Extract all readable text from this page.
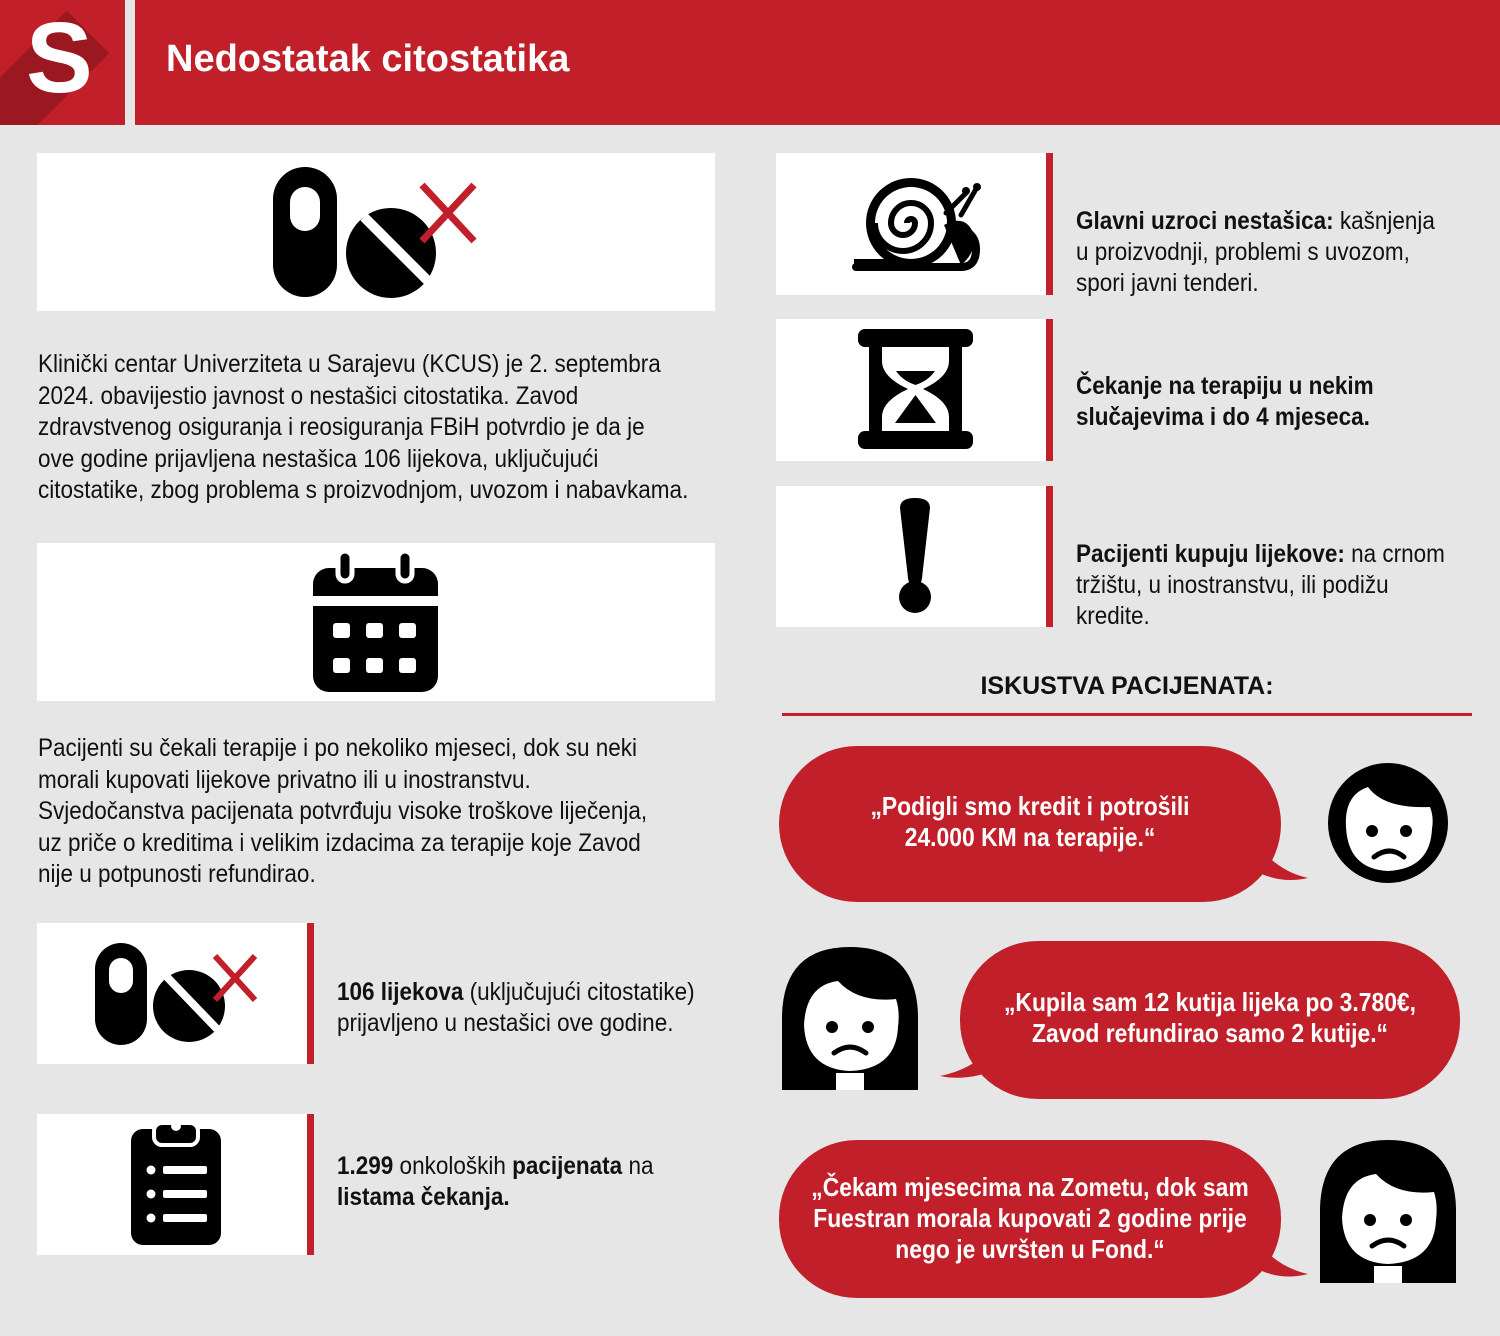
S Nedostatak citostatika
Klinički centar Univerziteta u Sarajevu (KCUS) je 2. septembra
2024. obavijestio javnost o nestašici citostatika. Zavod
zdravstvenog osiguranja i reosiguranja FBiH potvrdio je da je
ove godine prijavljena nestašica 106 lijekova, uključujući
citostatike, zbog problema s proizvodnjom, uvozom i nabavkama.
Pacijenti su čekali terapije i po nekoliko mjeseci, dok su neki
morali kupovati lijekove privatno ili u inostranstvu.
Svjedočanstva pacijenata potvrđuju visoke troškove liječenja,
uz priče o kreditima i velikim izdacima za terapije koje Zavod
nije u potpunosti refundirao.
106 lijekova (uključujući citostatike)
prijavljeno u nestašici ove godine.
1.299 onkoloških pacijenata na
listama čekanja.
Glavni uzroci nestašica: kašnjenja
u proizvodnji, problemi s uvozom,
spori javni tenderi.
Čekanje na terapiju u nekim
slučajevima i do 4 mjeseca.
Pacijenti kupuju lijekove: na crnom
tržištu, u inostranstvu, ili podižu
kredite.
ISKUSTVA PACIJENATA:
„Podigli smo kredit i potrošili
24.000 KM na terapije.“
„Kupila sam 12 kutija lijeka po 3.780€,
Zavod refundirao samo 2 kutije.“
„Čekam mjesecima na Zometu, dok sam
Fuestran morala kupovati 2 godine prije
nego je uvršten u Fond.“
